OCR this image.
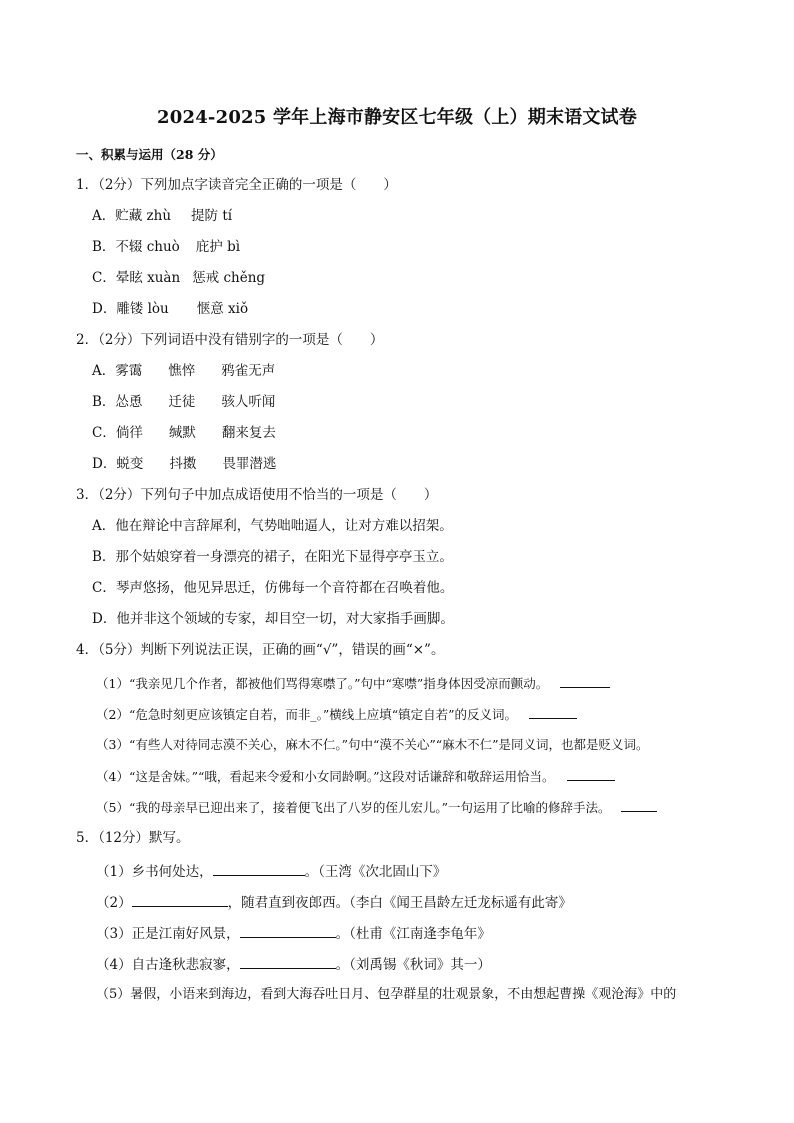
2024-2025 学年上海市静安区七年级（上）期末语文试卷
一、积累与运用（28 分）
1．（2分）下列加点字读音完全正确的一项是（　　）
A．贮藏 zhù 提防 tí
B．不辍 chuò 庇护 bì
C．晕眩 xuàn 惩戒 chěng
D．雕镂 lòu 惬意 xiǒ
2．（2分）下列词语中没有错别字的一项是（　　）
A．雾霭 憔悴 鸦雀无声
B．怂恿 迁徒 骇人听闻
C．倘徉 缄默 翻来复去
D．蜕变 抖擞 畏罪潜逃
3．（2分）下列句子中加点成语使用不恰当的一项是（　　）
A．他在辩论中言辞犀利，气势咄咄逼人，让对方难以招架。
B．那个姑娘穿着一身漂亮的裙子，在阳光下显得亭亭玉立。
C．琴声悠扬，他见异思迁，仿佛每一个音符都在召唤着他。
D．他并非这个领域的专家，却目空一切，对大家指手画脚。
4．（5分）判断下列说法正误，正确的画“√”，错误的画“×”。
（1）“我亲见几个作者，都被他们骂得寒噤了。”句中“寒噤”指身体因受凉而颤动。
（2）“危急时刻更应该镇定自若，而非_。”横线上应填“镇定自若”的反义词。
（3）“有些人对待同志漠不关心，麻木不仁。”句中“漠不关心”“麻木不仁”是同义词，也都是贬义词。
（4）“这是舍妹。”“哦，看起来令爱和小女同龄啊。”这段对话谦辞和敬辞运用恰当。
（5）“我的母亲早已迎出来了，接着便飞出了八岁的侄儿宏儿。”一句运用了比喻的修辞手法。
5．（12分）默写。
（1）乡书何处达，	。（王湾《次北固山下》
（2）	，随君直到夜郎西。（李白《闻王昌龄左迁龙标遥有此寄》
（3）正是江南好风景，	。（杜甫《江南逢李龟年》
（4）自古逢秋悲寂寥，	。（刘禹锡《秋词》其一）
（5）暑假，小语来到海边，看到大海吞吐日月、包孕群星的壮观景象，不由想起曹操《观沧海》中的
